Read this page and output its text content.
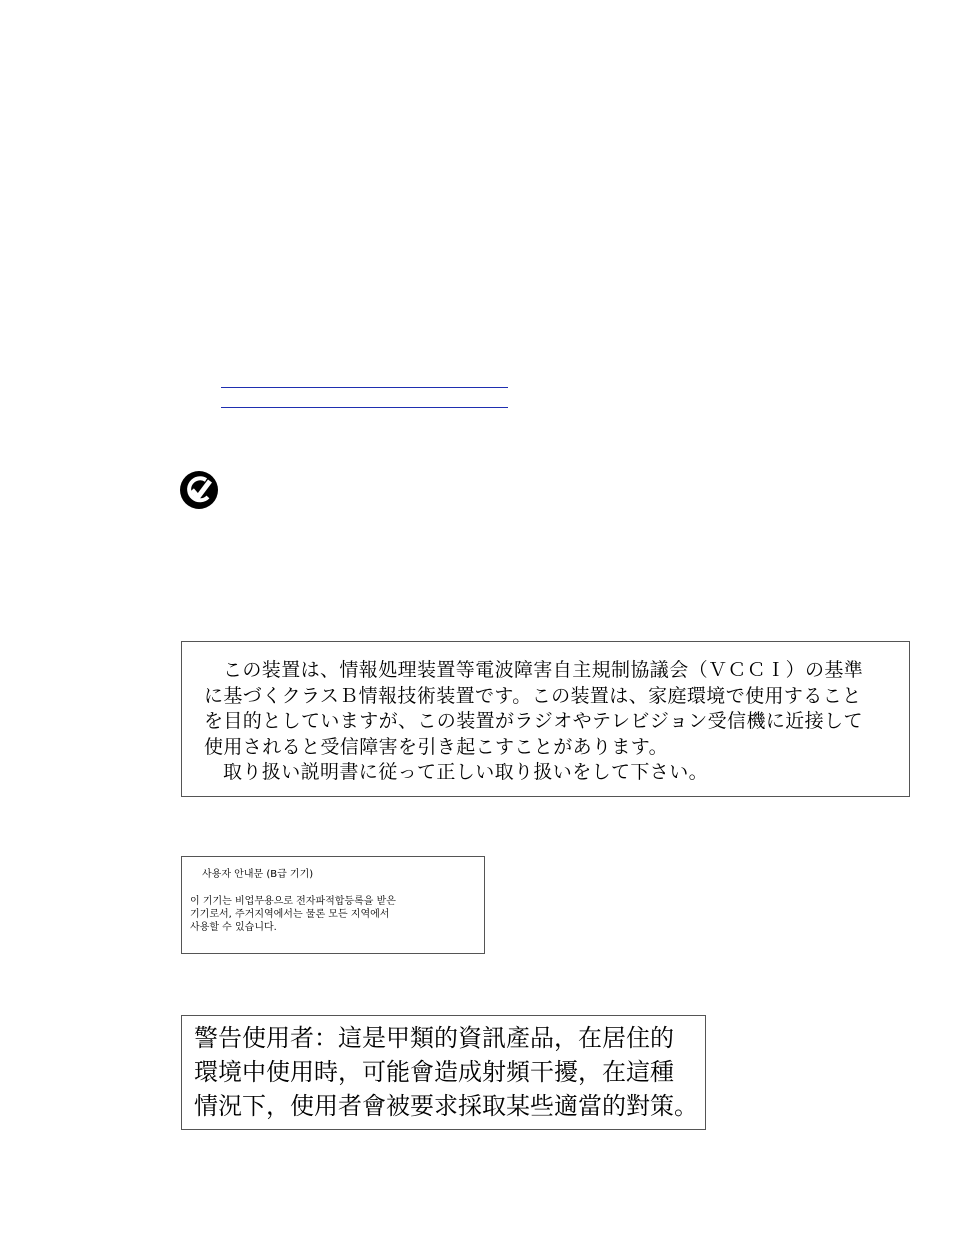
この装置は、情報処理装置等電波障害自主規制協議会（ＶＣＣＩ）の基準

に基づくクラスＢ情報技術装置です。この装置は、家庭環境で使用すること

を目的としていますが、この装置がラジオやテレビジョン受信機に近接して

使用されると受信障害を引き起こすことがあります。

取り扱い説明書に従って正しい取り扱いをして下さい。

사용자 안내문 (B급 기기)

이 기기는 비업무용으로 전자파적합등록을 받은

기기로서, 주거지역에서는 물론 모든 지역에서

사용할 수 있습니다.

警告使用者：這是甲類的資訊產品，在居住的

環境中使用時，可能會造成射頻干擾，在這種

情況下，使用者會被要求採取某些適當的對策。
